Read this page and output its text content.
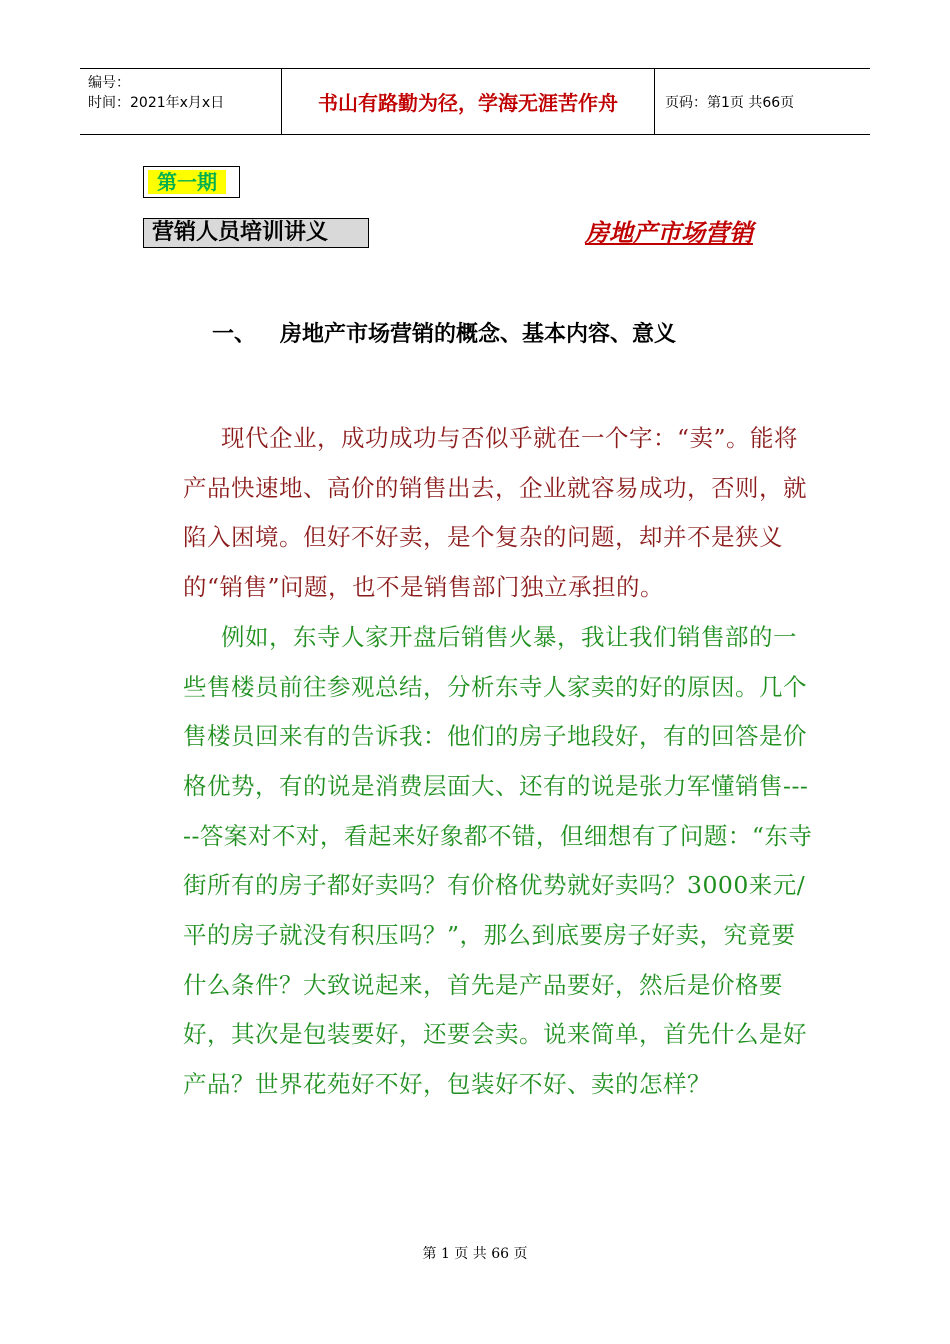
编号：
时间：2021年x月x日	书山有路勤为径，学海无涯苦作舟	页码：第1页 共66页
第一期
营销人员培训讲义	房地产市场营销
一、	房地产市场营销的概念、基本内容、意义

现代企业，成功成功与否似乎就在一个字：“卖”。能将产品快速地、高价的销售出去，企业就容易成功，否则，就陷入困境。但好不好卖，是个复杂的问题，却并不是狭义的“销售”问题，也不是销售部门独立承担的。

例如，东寺人家开盘后销售火暴，我让我们销售部的一些售楼员前往参观总结，分析东寺人家卖的好的原因。几个售楼员回来有的告诉我：他们的房子地段好，有的回答是价格优势，有的说是消费层面大、还有的说是张力军懂销售-----答案对不对，看起来好象都不错，但细想有了问题：“东寺街所有的房子都好卖吗？有价格优势就好卖吗？3000来元/平的房子就没有积压吗？”，那么到底要房子好卖，究竟要什么条件？大致说起来，首先是产品要好，然后是价格要好，其次是包装要好，还要会卖。说来简单，首先什么是好产品？世界花苑好不好，包装好不好、卖的怎样？

第 1 页 共 66 页
